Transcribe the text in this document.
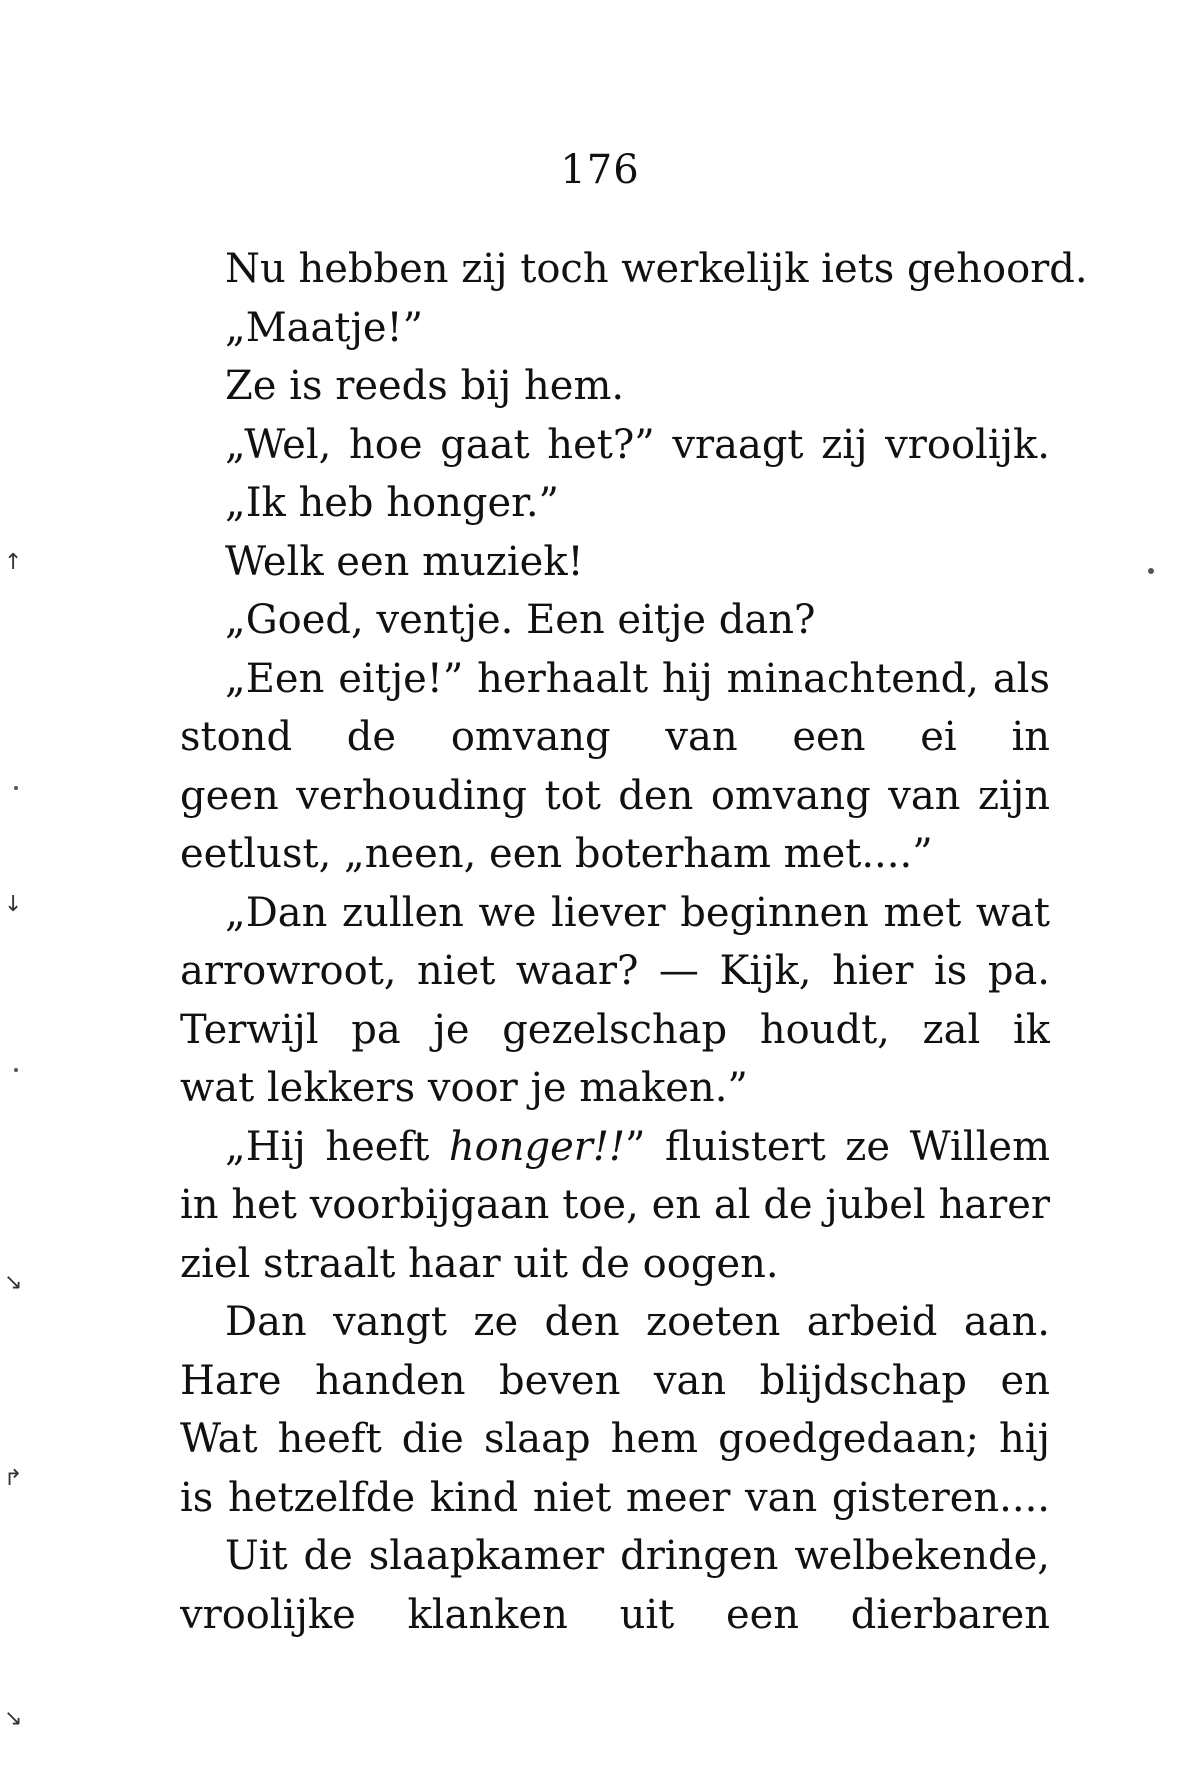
176
Nu hebben zij toch werkelijk iets gehoord.
„Maatje!”
Ze is reeds bij hem.
„Wel, hoe gaat het?” vraagt zij vroolijk.
„Ik heb honger.”
Welk een muziek!
„Goed, ventje. Een eitje dan?
„Een eitje!” herhaalt hij minachtend, als
stond de omvang van een ei in
geen verhouding tot den omvang van zijn
eetlust, „neen, een boterham met....”
„Dan zullen we liever beginnen met wat
arrowroot, niet waar? — Kijk, hier is pa.
Terwijl pa je gezelschap houdt, zal ik
wat lekkers voor je maken.”
„Hij heeft honger!!” fluistert ze Willem
in het voorbijgaan toe, en al de jubel harer
ziel straalt haar uit de oogen.
Dan vangt ze den zoeten arbeid aan.
Hare handen beven van blijdschap en
Wat heeft die slaap hem goedgedaan; hij
is hetzelfde kind niet meer van gisteren....
Uit de slaapkamer dringen welbekende,
vroolijke klanken uit een dierbaren
↑
↓
↘
↱
↘
